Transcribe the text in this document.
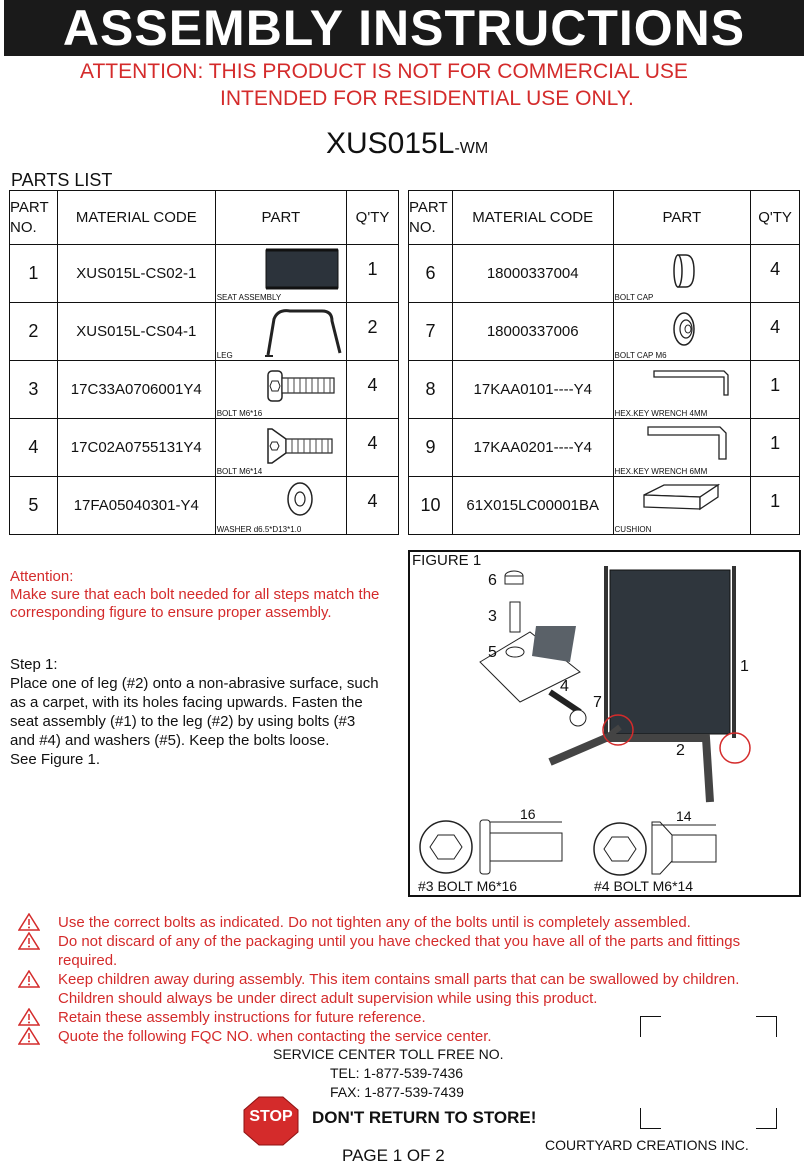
ASSEMBLY INSTRUCTIONS
ATTENTION: THIS PRODUCT IS NOT FOR COMMERCIAL USE
INTENDED FOR RESIDENTIAL USE ONLY.
XUS015L-WM
PARTS LIST
PART NO.	MATERIAL CODE	PART	Q'TY
1	XUS015L-CS02-1	SEAT ASSEMBLY	1
2	XUS015L-CS04-1	LEG	2
3	17C33A0706001Y4	BOLT M6*16	4
4	17C02A0755131Y4	BOLT M6*14	4
5	17FA05040301-Y4	WASHER d6.5*D13*1.0	4
PART NO.	MATERIAL CODE	PART	Q'TY
6	18000337004	BOLT CAP	4
7	18000337006	BOLT CAP M6	4
8	17KAA0101----Y4	HEX.KEY WRENCH 4MM	1
9	17KAA0201----Y4	HEX.KEY WRENCH 6MM	1
10	61X015LC00001BA	CUSHION	1
Attention:
Make sure that each bolt needed for all steps match the
corresponding figure to ensure proper assembly.
Step 1:
Place one of leg (#2) onto a non-abrasive surface, such
as a carpet, with its holes facing upwards. Fasten the
seat assembly (#1) to the leg (#2) by using bolts (#3
and #4) and washers (#5). Keep the bolts loose.
See Figure 1.
FIGURE 1
6
3
5
4
7
1
2
16	14
#3 BOLT M6*16	#4 BOLT M6*14
Use the correct bolts as indicated. Do not tighten any of the bolts until is completely assembled.
Do not discard of any of the packaging until you have checked that you have all of the parts and fittings
required.
Keep children away during assembly. This item contains small parts that can be swallowed by children.
Children should always be under direct adult supervision while using this product.
Retain these assembly instructions for future reference.
Quote the following FQC NO. when contacting the service center.
SERVICE CENTER TOLL FREE NO.
TEL: 1-877-539-7436
FAX: 1-877-539-7439
STOP	DON'T RETURN TO STORE!
PAGE 1 OF 2
COURTYARD CREATIONS INC.
